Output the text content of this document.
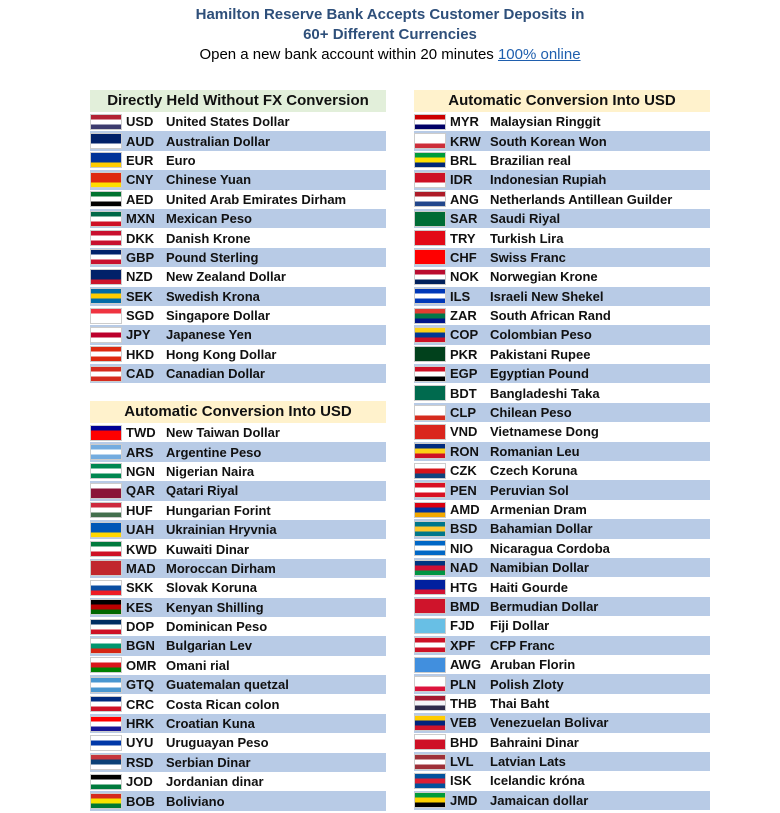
Hamilton Reserve Bank Accepts Customer Deposits in
60+ Different Currencies
Open a new bank account within 20 minutes 100% online
Directly Held Without FX Conversion
USD United States Dollar
AUD Australian Dollar
EUR Euro
CNY Chinese Yuan
AED United Arab Emirates Dirham
MXN Mexican Peso
DKK Danish Krone
GBP Pound Sterling
NZD	New Zealand Dollar
SEK	Swedish Krona
SGD Singapore Dollar
JPY	Japanese Yen
HKD Hong Kong Dollar
CAD Canadian Dollar
Automatic Conversion Into USD
TWD New Taiwan Dollar
ARS Argentine Peso
NGN Nigerian Naira
QAR Qatari Riyal
HUF	Hungarian Forint
UAH Ukrainian Hryvnia
KWD Kuwaiti Dinar
MAD Moroccan Dirham
SKK Slovak Koruna
KES	Kenyan Shilling
DOP Dominican Peso
BGN Bulgarian Lev
OMR Omani rial
GTQ Guatemalan quetzal
CRC Costa Rican colon
HRK Croatian Kuna
UYU Uruguayan Peso
RSD Serbian Dinar
JOD	Jordanian dinar
BOB Boliviano
Automatic Conversion Into USD
MYR Malaysian Ringgit
KRW South Korean Won
BRL	Brazilian real
IDR	Indonesian Rupiah
ANG Netherlands Antillean Guilder
SAR Saudi Riyal
TRY	Turkish Lira
CHF	Swiss Franc
NOK Norwegian Krone
ILS	Israeli New Shekel
ZAR	South African Rand
COP Colombian Peso
PKR Pakistani Rupee
EGP Egyptian Pound
BDT	Bangladeshi Taka
CLP	Chilean Peso
VND Vietnamese Dong
RON Romanian Leu
CZK	Czech Koruna
PEN	Peruvian Sol
AMD Armenian Dram
BSD Bahamian Dollar
NIO	Nicaragua Cordoba
NAD Namibian Dollar
HTG Haiti Gourde
BMD Bermudian Dollar
FJD	Fiji Dollar
XPF	CFP Franc
AWG Aruban Florin
PLN	Polish Zloty
THB	Thai Baht
VEB	Venezuelan Bolivar
BHD Bahraini Dinar
LVL	Latvian Lats
ISK	Icelandic króna
JMD Jamaican dollar
